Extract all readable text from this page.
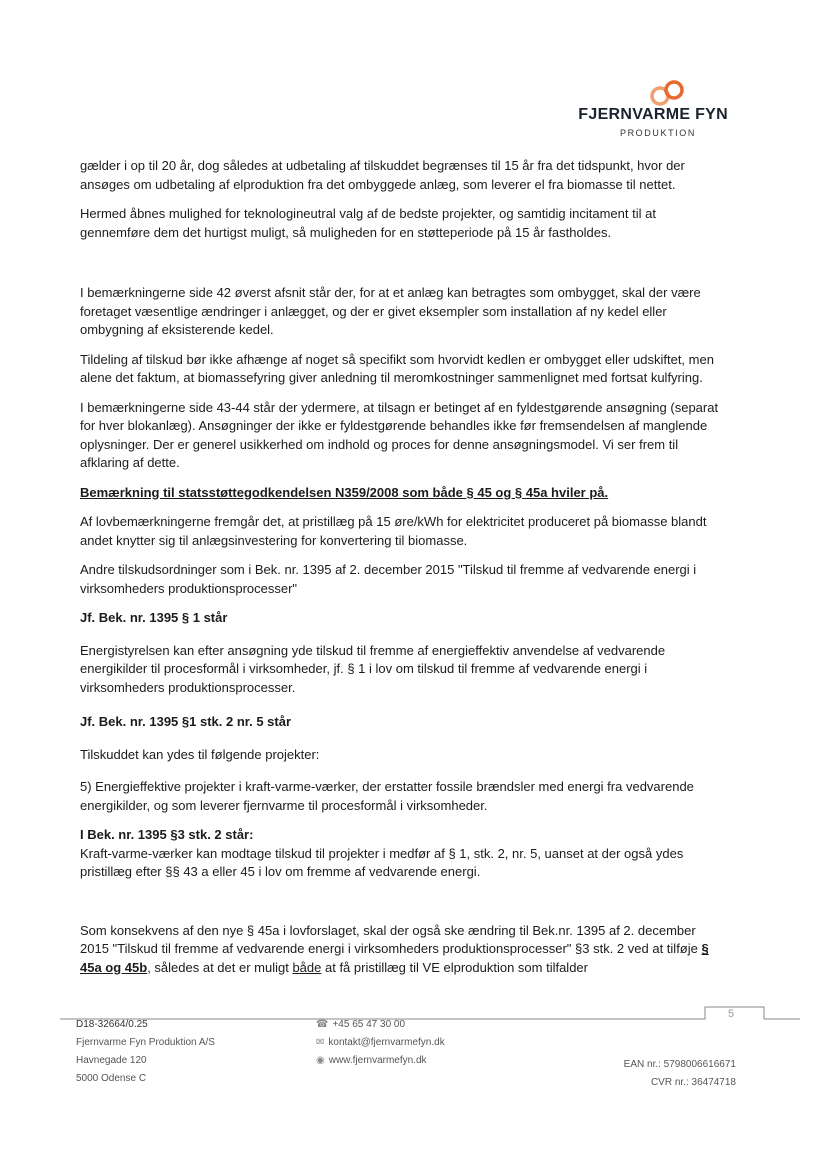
FJERNVARME FYN
PRODUKTION

gælder i op til 20 år, dog således at udbetaling af tilskuddet begrænses til 15 år fra det tidspunkt, hvor der ansøges om udbetaling af elproduktion fra det ombyggede anlæg, som leverer el fra biomasse til nettet.

Hermed åbnes mulighed for teknologineutral valg af de bedste projekter, og samtidig incitament til at gennemføre dem det hurtigst muligt, så muligheden for en støtteperiode på 15 år fastholdes.

I bemærkningerne side 42 øverst afsnit står der, for at et anlæg kan betragtes som ombygget, skal der være foretaget væsentlige ændringer i anlægget, og der er givet eksempler som installation af ny kedel eller ombygning af eksisterende kedel.

Tildeling af tilskud bør ikke afhænge af noget så specifikt som hvorvidt kedlen er ombygget eller udskiftet, men alene det faktum, at biomassefyring giver anledning til meromkostninger sammenlignet med fortsat kulfyring.

I bemærkningerne side 43-44 står der ydermere, at tilsagn er betinget af en fyldestgørende ansøgning (separat for hver blokanlæg). Ansøgninger der ikke er fyldestgørende behandles ikke før fremsendelsen af manglende oplysninger. Der er generel usikkerhed om indhold og proces for denne ansøgningsmodel. Vi ser frem til afklaring af dette.

Bemærkning til statsstøttegodkendelsen N359/2008 som både § 45 og § 45a hviler på.

Af lovbemærkningerne fremgår det, at pristillæg på 15 øre/kWh for elektricitet produceret på biomasse blandt andet knytter sig til anlægsinvestering for konvertering til biomasse.

Andre tilskudsordninger som i Bek. nr. 1395 af 2. december 2015 "Tilskud til fremme af vedvarende energi i virksomheders produktionsprocesser"

Jf. Bek. nr. 1395 § 1 står

Energistyrelsen kan efter ansøgning yde tilskud til fremme af energieffektiv anvendelse af vedvarende energikilder til procesformål i virksomheder, jf. § 1 i lov om tilskud til fremme af vedvarende energi i virksomheders produktionsprocesser.

Jf. Bek. nr. 1395 §1 stk. 2 nr. 5 står

Tilskuddet kan ydes til følgende projekter:

5) Energieffektive projekter i kraft-varme-værker, der erstatter fossile brændsler med energi fra vedvarende energikilder, og som leverer fjernvarme til procesformål i virksomheder.

I Bek. nr. 1395 §3 stk. 2 står:

Kraft-varme-værker kan modtage tilskud til projekter i medfør af § 1, stk. 2, nr. 5, uanset at der også ydes pristillæg efter §§ 43 a eller 45 i lov om fremme af vedvarende energi.

Som konsekvens af den nye § 45a i lovforslaget, skal der også ske ændring til Bek.nr. 1395 af 2. december 2015 "Tilskud til fremme af vedvarende energi i virksomheders produktionsprocesser" §3 stk. 2 ved at tilføje § 45a og 45b, således at det er muligt både at få pristillæg til VE elproduktion som tilfalder

5
D18-32664/0.25
Fjernvarme Fyn Produktion A/S
Havnegade 120
5000 Odense C
☎ +45 65 47 30 00
✉ kontakt@fjernvarmefyn.dk
◉ www.fjernvarmefyn.dk	EAN nr.: 5798006616671
CVR nr.: 36474718
